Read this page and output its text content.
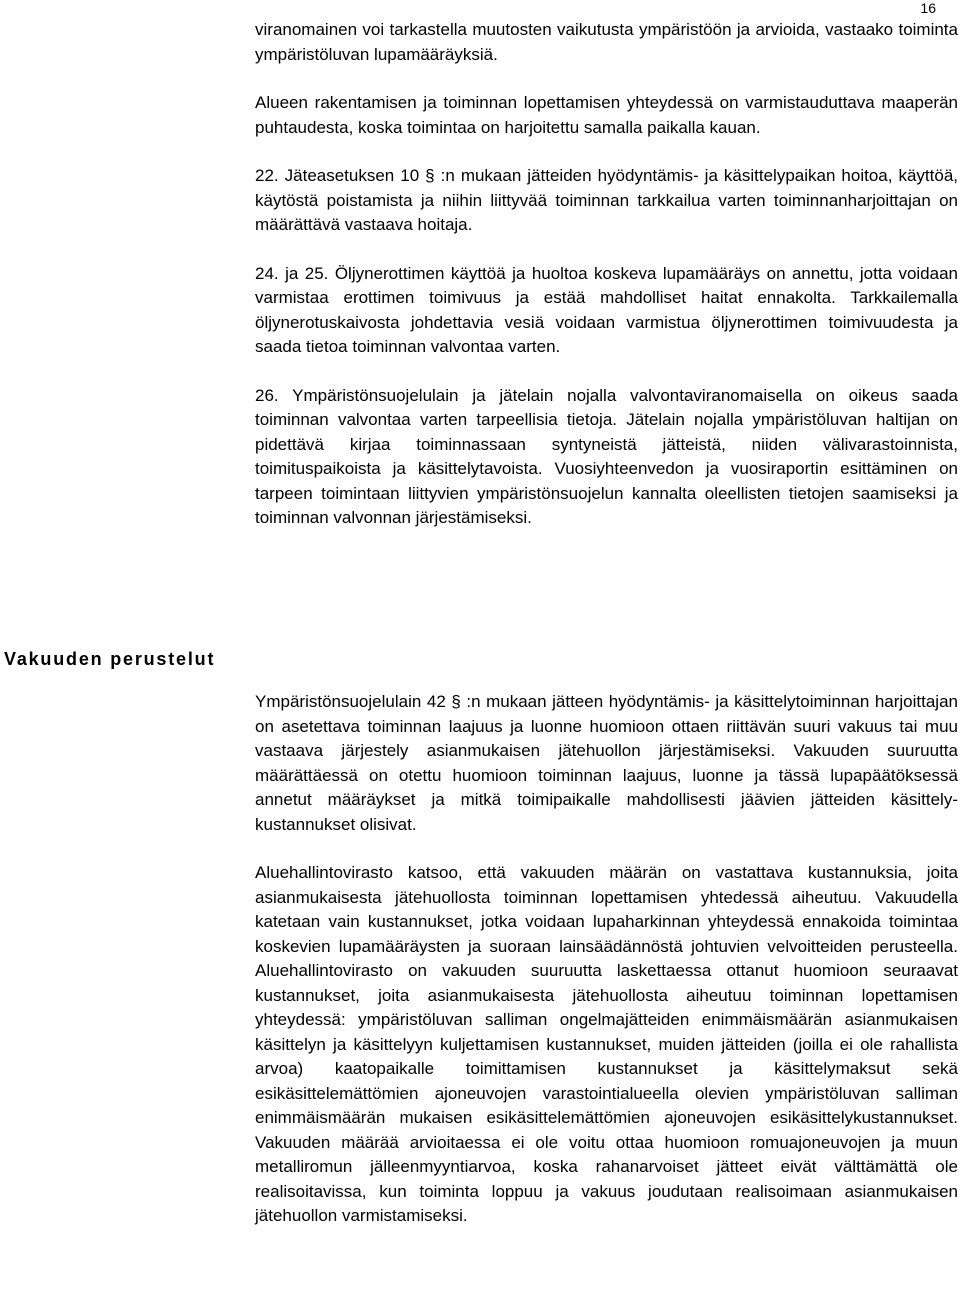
16

viranomainen voi tarkastella muutosten vaikutusta ympäristöön ja arvioida, vastaako toiminta ympäristöluvan lupamääräyksiä.

Alueen rakentamisen ja toiminnan lopettamisen yhteydessä on varmistauduttava maaperän puhtaudesta, koska toimintaa on harjoitettu samalla paikalla kauan.

22. Jäteasetuksen 10 § :n mukaan jätteiden hyödyntämis- ja käsittelypaikan hoitoa, käyttöä, käytöstä poistamista ja niihin liittyvää toiminnan tarkkailua varten toiminnanharjoittajan on määrättävä vastaava hoitaja.

24. ja 25. Öljynerottimen käyttöä ja huoltoa koskeva lupamääräys on annettu, jotta voidaan varmistaa erottimen toimivuus ja estää mahdolliset haitat ennakolta. Tarkkailemalla öljynerotuskaivosta johdettavia vesiä voidaan varmistua öljynerottimen toimivuudesta ja saada tietoa toiminnan valvontaa varten.

26. Ympäristönsuojelulain ja jätelain nojalla valvontaviranomaisella on oikeus saada toiminnan valvontaa varten tarpeellisia tietoja. Jätelain nojalla ympäristöluvan haltijan on pidettävä kirjaa toiminnassaan syntyneistä jätteistä, niiden välivarastoinnista, toimituspaikoista ja käsittelytavoista. Vuosiyhteenvedon ja vuosiraportin esittäminen on tarpeen toimintaan liittyvien ympäristönsuojelun kannalta oleellisten tietojen saamiseksi ja toiminnan valvonnan järjestämiseksi.

Vakuuden perustelut

Ympäristönsuojelulain 42 § :n mukaan jätteen hyödyntämis- ja käsittelytoiminnan harjoittajan on asetettava toiminnan laajuus ja luonne huomioon ottaen riittävän suuri vakuus tai muu vastaava järjestely asianmukaisen jätehuollon järjestämiseksi. Vakuuden suuruutta määrättäessä on otettu huomioon toiminnan laajuus, luonne ja tässä lupapäätöksessä annetut määräykset ja mitkä toimipaikalle mahdollisesti jäävien jätteiden käsittelykustannukset olisivat.

Aluehallintovirasto katsoo, että vakuuden määrän on vastattava kustannuksia, joita asianmukaisesta jätehuollosta toiminnan lopettamisen yhtedessä aiheutuu. Vakuudella katetaan vain kustannukset, jotka voidaan lupaharkinnan yhteydessä ennakoida toimintaa koskevien lupamääräysten ja suoraan lainsäädännöstä johtuvien velvoitteiden perusteella. Aluehallintovirasto on vakuuden suuruutta laskettaessa ottanut huomioon seuraavat kustannukset, joita asianmukaisesta jätehuollosta aiheutuu toiminnan lopettamisen yhteydessä: ympäristöluvan salliman ongelmajätteiden enimmäismäärän asianmukaisen käsittelyn ja käsittelyyn kuljettamisen kustannukset, muiden jätteiden (joilla ei ole rahallista arvoa) kaatopaikalle toimittamisen kustannukset ja käsittelymaksut sekä esikäsittelemättömien ajoneuvojen varastointialueella olevien ympäristöluvan salliman enimmäismäärän mukaisen esikäsittelemättömien ajoneuvojen esikäsittelykustannukset. Vakuuden määrää arvioitaessa ei ole voitu ottaa huomioon romuajoneuvojen ja muun metalliromun jälleenmyyntiarvoa, koska rahanarvoiset jätteet eivät välttämättä ole realisoitavissa, kun toiminta loppuu ja vakuus joudutaan realisoimaan asianmukaisen jätehuollon varmistamiseksi.
